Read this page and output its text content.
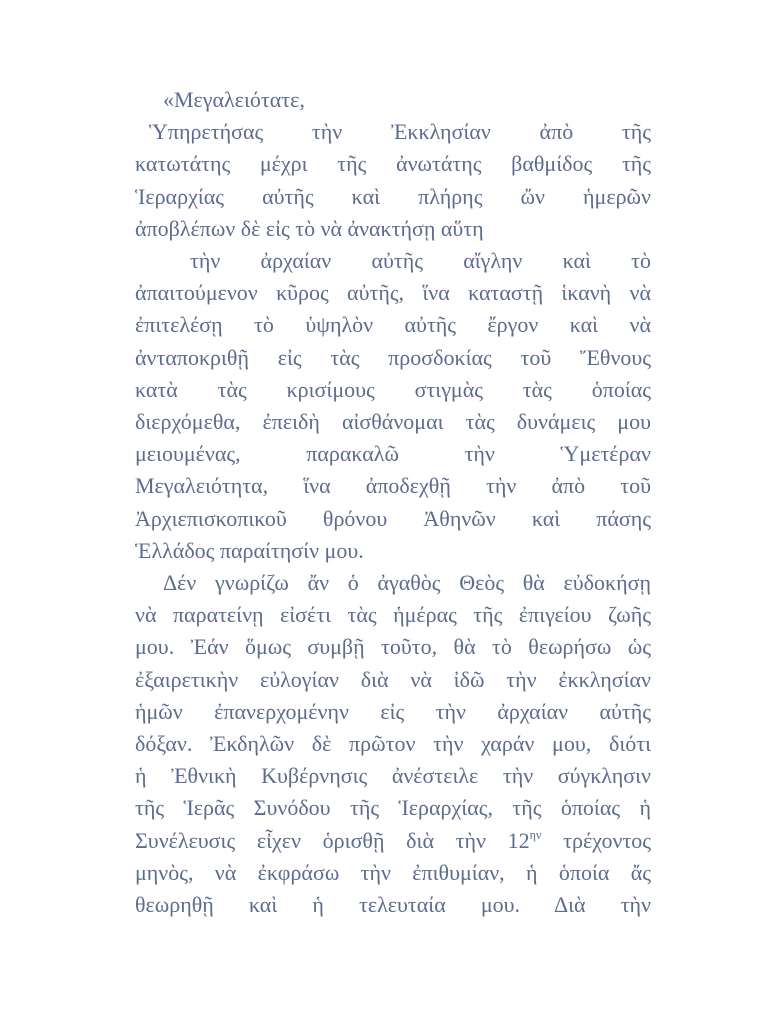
«Μεγαλειότατε,
Ὑπηρετήσας τὴν Ἐκκλησίαν ἀπὸ τῆς
κατωτάτης μέχρι τῆς ἀνωτάτης βαθμίδος τῆς
Ἱεραρχίας αὐτῆς καὶ πλήρης ὤν ἡμερῶν
ἀποβλέπων δὲ εἰς τὸ νὰ ἀνακτήσῃ αὕτη
τὴν ἀρχαίαν αὐτῆς αἴγλην καὶ τὸ
ἀπαιτούμενον κῦρος αὐτῆς, ἵνα καταστῇ ἱκανὴ νὰ
ἐπιτελέσῃ τὸ ὑψηλὸν αὐτῆς ἔργον καὶ νὰ
ἀνταποκριθῇ εἰς τὰς προσδοκίας τοῦ Ἔθνους
κατὰ τὰς κρισίμους στιγμὰς τὰς ὁποίας
διερχόμεθα, ἐπειδὴ αἰσθάνομαι τὰς δυνάμεις μου
μειουμένας, παρακαλῶ τὴν Ὑμετέραν
Μεγαλειότητα, ἵνα ἀποδεχθῇ τὴν ἀπὸ τοῦ
Ἀρχιεπισκοπικοῦ θρόνου Ἀθηνῶν καὶ πάσης
Ἑλλάδος παραίτησίν μου.
Δέν γνωρίζω ἄν ὁ ἀγαθὸς Θεὸς θὰ εὐδοκήσῃ
νὰ παρατείνῃ εἰσέτι τὰς ἡμέρας τῆς ἐπιγείου ζωῆς
μου. Ἐάν ὅμως συμβῇ τοῦτο, θὰ τὸ θεωρήσω ὡς
ἐξαιρετικὴν εὐλογίαν διὰ νὰ ἰδῶ τὴν ἐκκλησίαν
ἡμῶν ἐπανερχομένην εἰς τὴν ἀρχαίαν αὐτῆς
δόξαν. Ἐκδηλῶν δὲ πρῶτον τὴν χαράν μου, διότι
ἡ Ἐθνικὴ Κυβέρνησις ἀνέστειλε τὴν σύγκλησιν
τῆς Ἱερᾶς Συνόδου τῆς Ἱεραρχίας, τῆς ὁποίας ἡ
Συνέλευσις εἶχεν ὁρισθῇ διὰ τὴν $12^{\eta\nu}$ τρέχοντος
μηνὸς, νὰ ἐκφράσω τὴν ἐπιθυμίαν, ἡ ὁποία ἄς
θεωρηθῇ καὶ ἡ τελευταία μου. Διὰ τὴν
